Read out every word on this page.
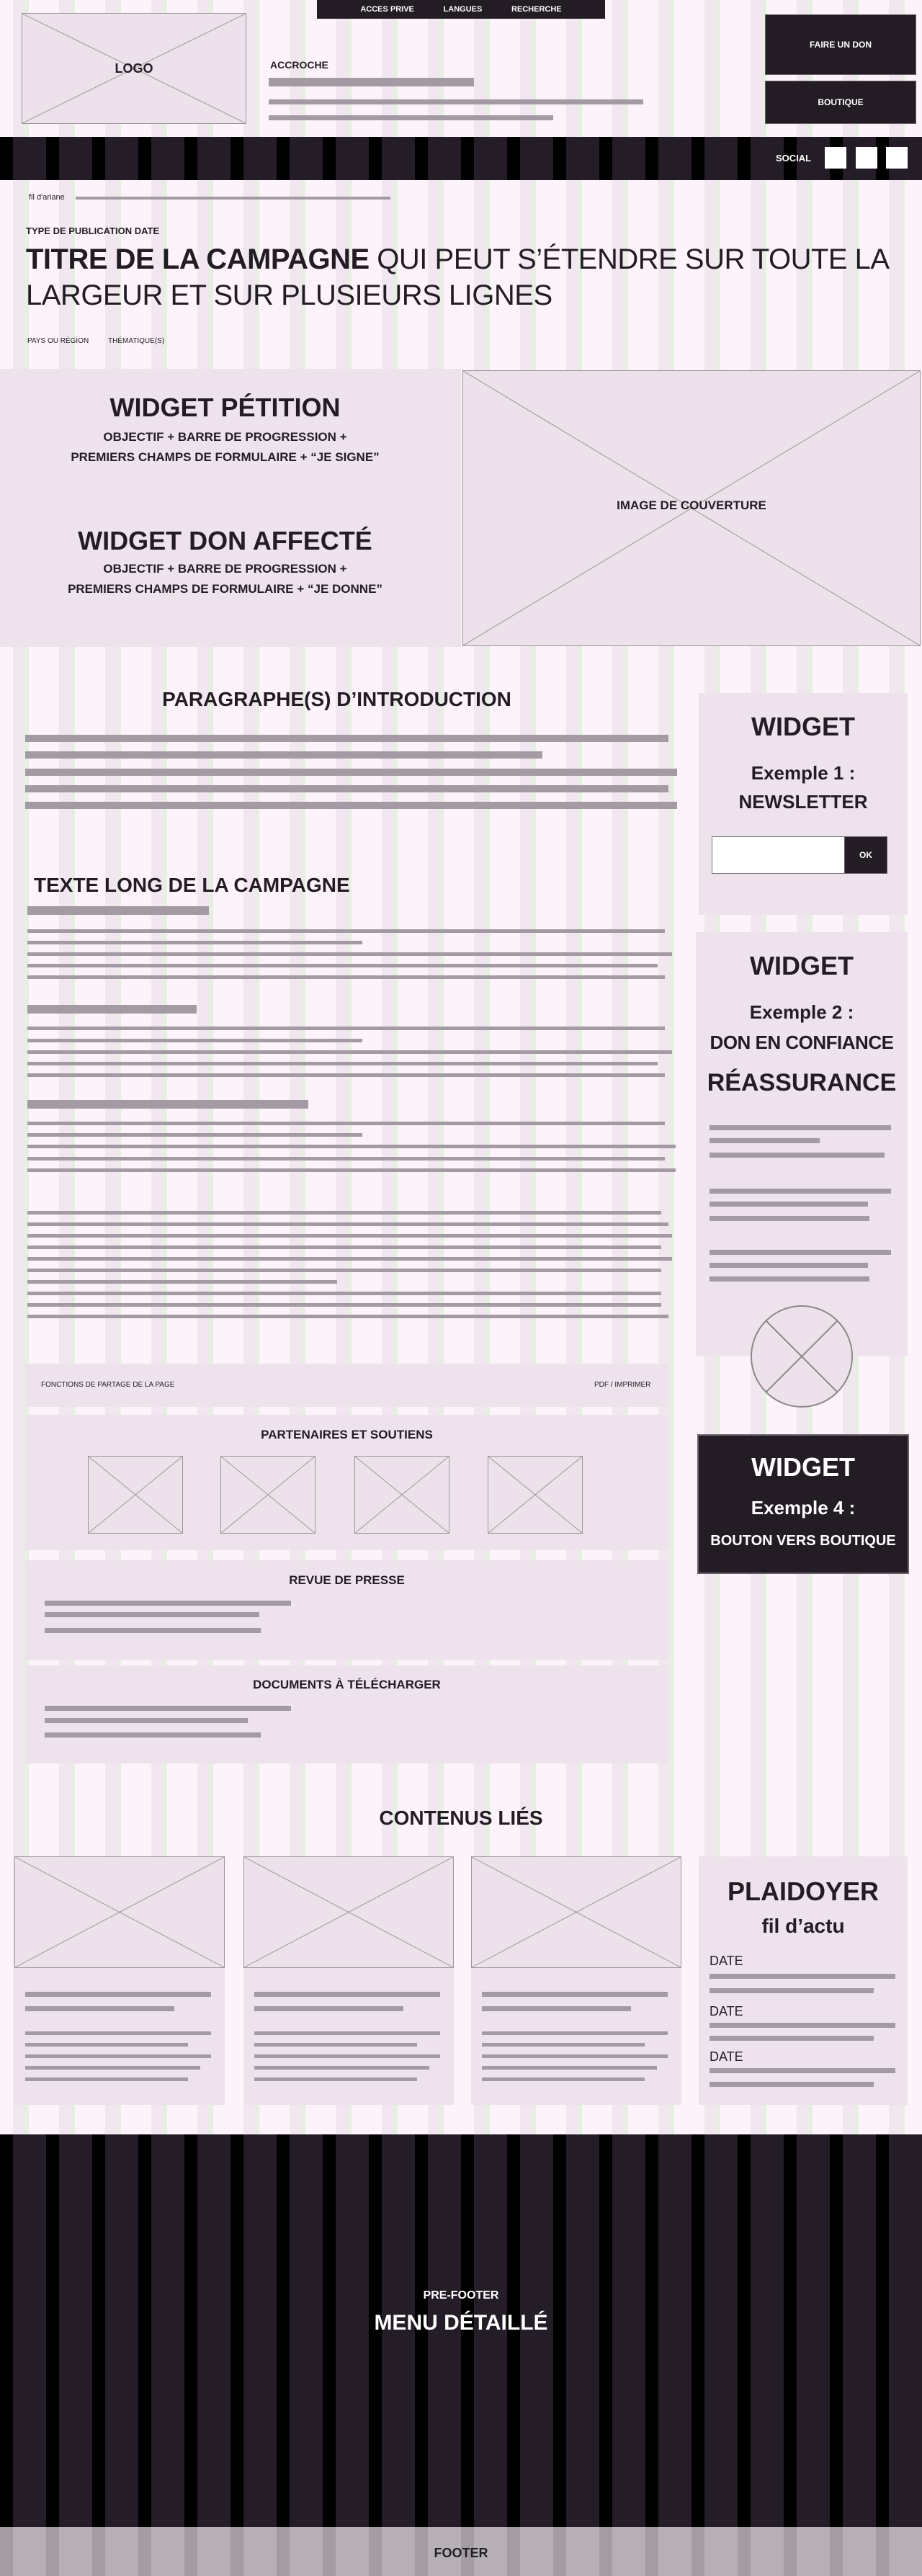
ACCES PRIVE	LANGUES	RECHERCHE
LOGO	ACCROCHE
FAIRE UN DON
BOUTIQUE
SOCIAL
fil d'ariane
TYPE DE PUBLICATION DATE
TITRE DE LA CAMPAGNE QUI PEUT S’ÉTENDRE SUR TOUTE LA LARGEUR ET SUR PLUSIEURS LIGNES
PAYS OU RÉGION	THÉMATIQUE(S)
WIDGET PÉTITION
OBJECTIF + BARRE DE PROGRESSION +
PREMIERS CHAMPS DE FORMULAIRE + “JE SIGNE”
WIDGET DON AFFECTÉ
OBJECTIF + BARRE DE PROGRESSION +
PREMIERS CHAMPS DE FORMULAIRE + “JE DONNE”
IMAGE DE COUVERTURE
PARAGRAPHE(S) D’INTRODUCTION
TEXTE LONG DE LA CAMPAGNE
FONCTIONS DE PARTAGE DE LA PAGE	PDF / IMPRIMER
PARTENAIRES ET SOUTIENS
REVUE DE PRESSE
DOCUMENTS À TÉLÉCHARGER
WIDGET
Exemple 1 :
NEWSLETTER
OK
WIDGET
Exemple 2 :
DON EN CONFIANCE
RÉASSURANCE
WIDGET
Exemple 4 :
BOUTON VERS BOUTIQUE
CONTENUS LIÉS
PLAIDOYER
fil d’actu
DATE
DATE
DATE
PRE-FOOTER
MENU DÉTAILLÉ
FOOTER
